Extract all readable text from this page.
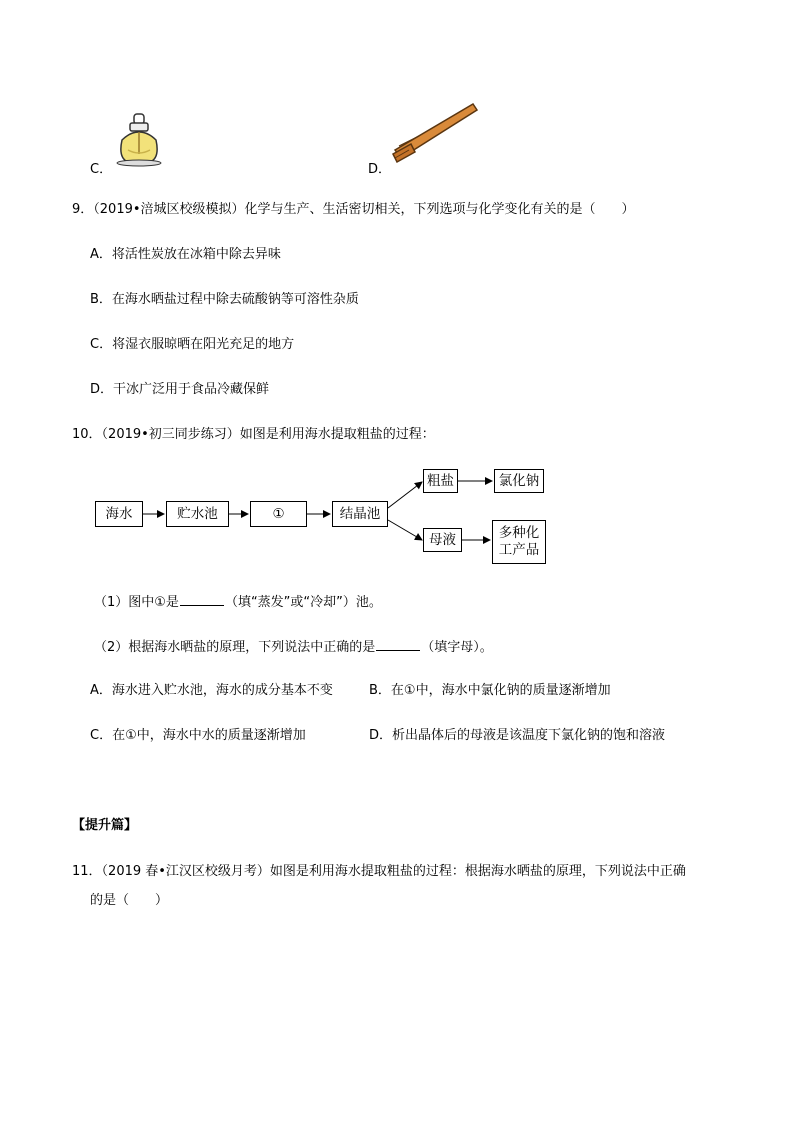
C．	D．
9．（2019•涪城区校级模拟）化学与生产、生活密切相关，下列选项与化学变化有关的是（　　）
A．将活性炭放在冰箱中除去异味
B．在海水晒盐过程中除去硫酸钠等可溶性杂质
C．将湿衣服晾晒在阳光充足的地方
D．干冰广泛用于食品冷藏保鲜
10．（2019•初三同步练习）如图是利用海水提取粗盐的过程：
海水	贮水池	①	结晶池
粗盐	氯化钠
母液	多种化
工产品
（1）图中①是	（填“蒸发”或“冷却”）池。
（2）根据海水晒盐的原理，下列说法中正确的是	（填字母）。
A．海水进入贮水池，海水的成分基本不变	B．在①中，海水中氯化钠的质量逐渐增加
C．在①中，海水中水的质量逐渐增加	D．析出晶体后的母液是该温度下氯化钠的饱和溶液
【提升篇】
11．（2019 春•江汉区校级月考）如图是利用海水提取粗盐的过程：根据海水晒盐的原理，下列说法中正确
的是（　　）
